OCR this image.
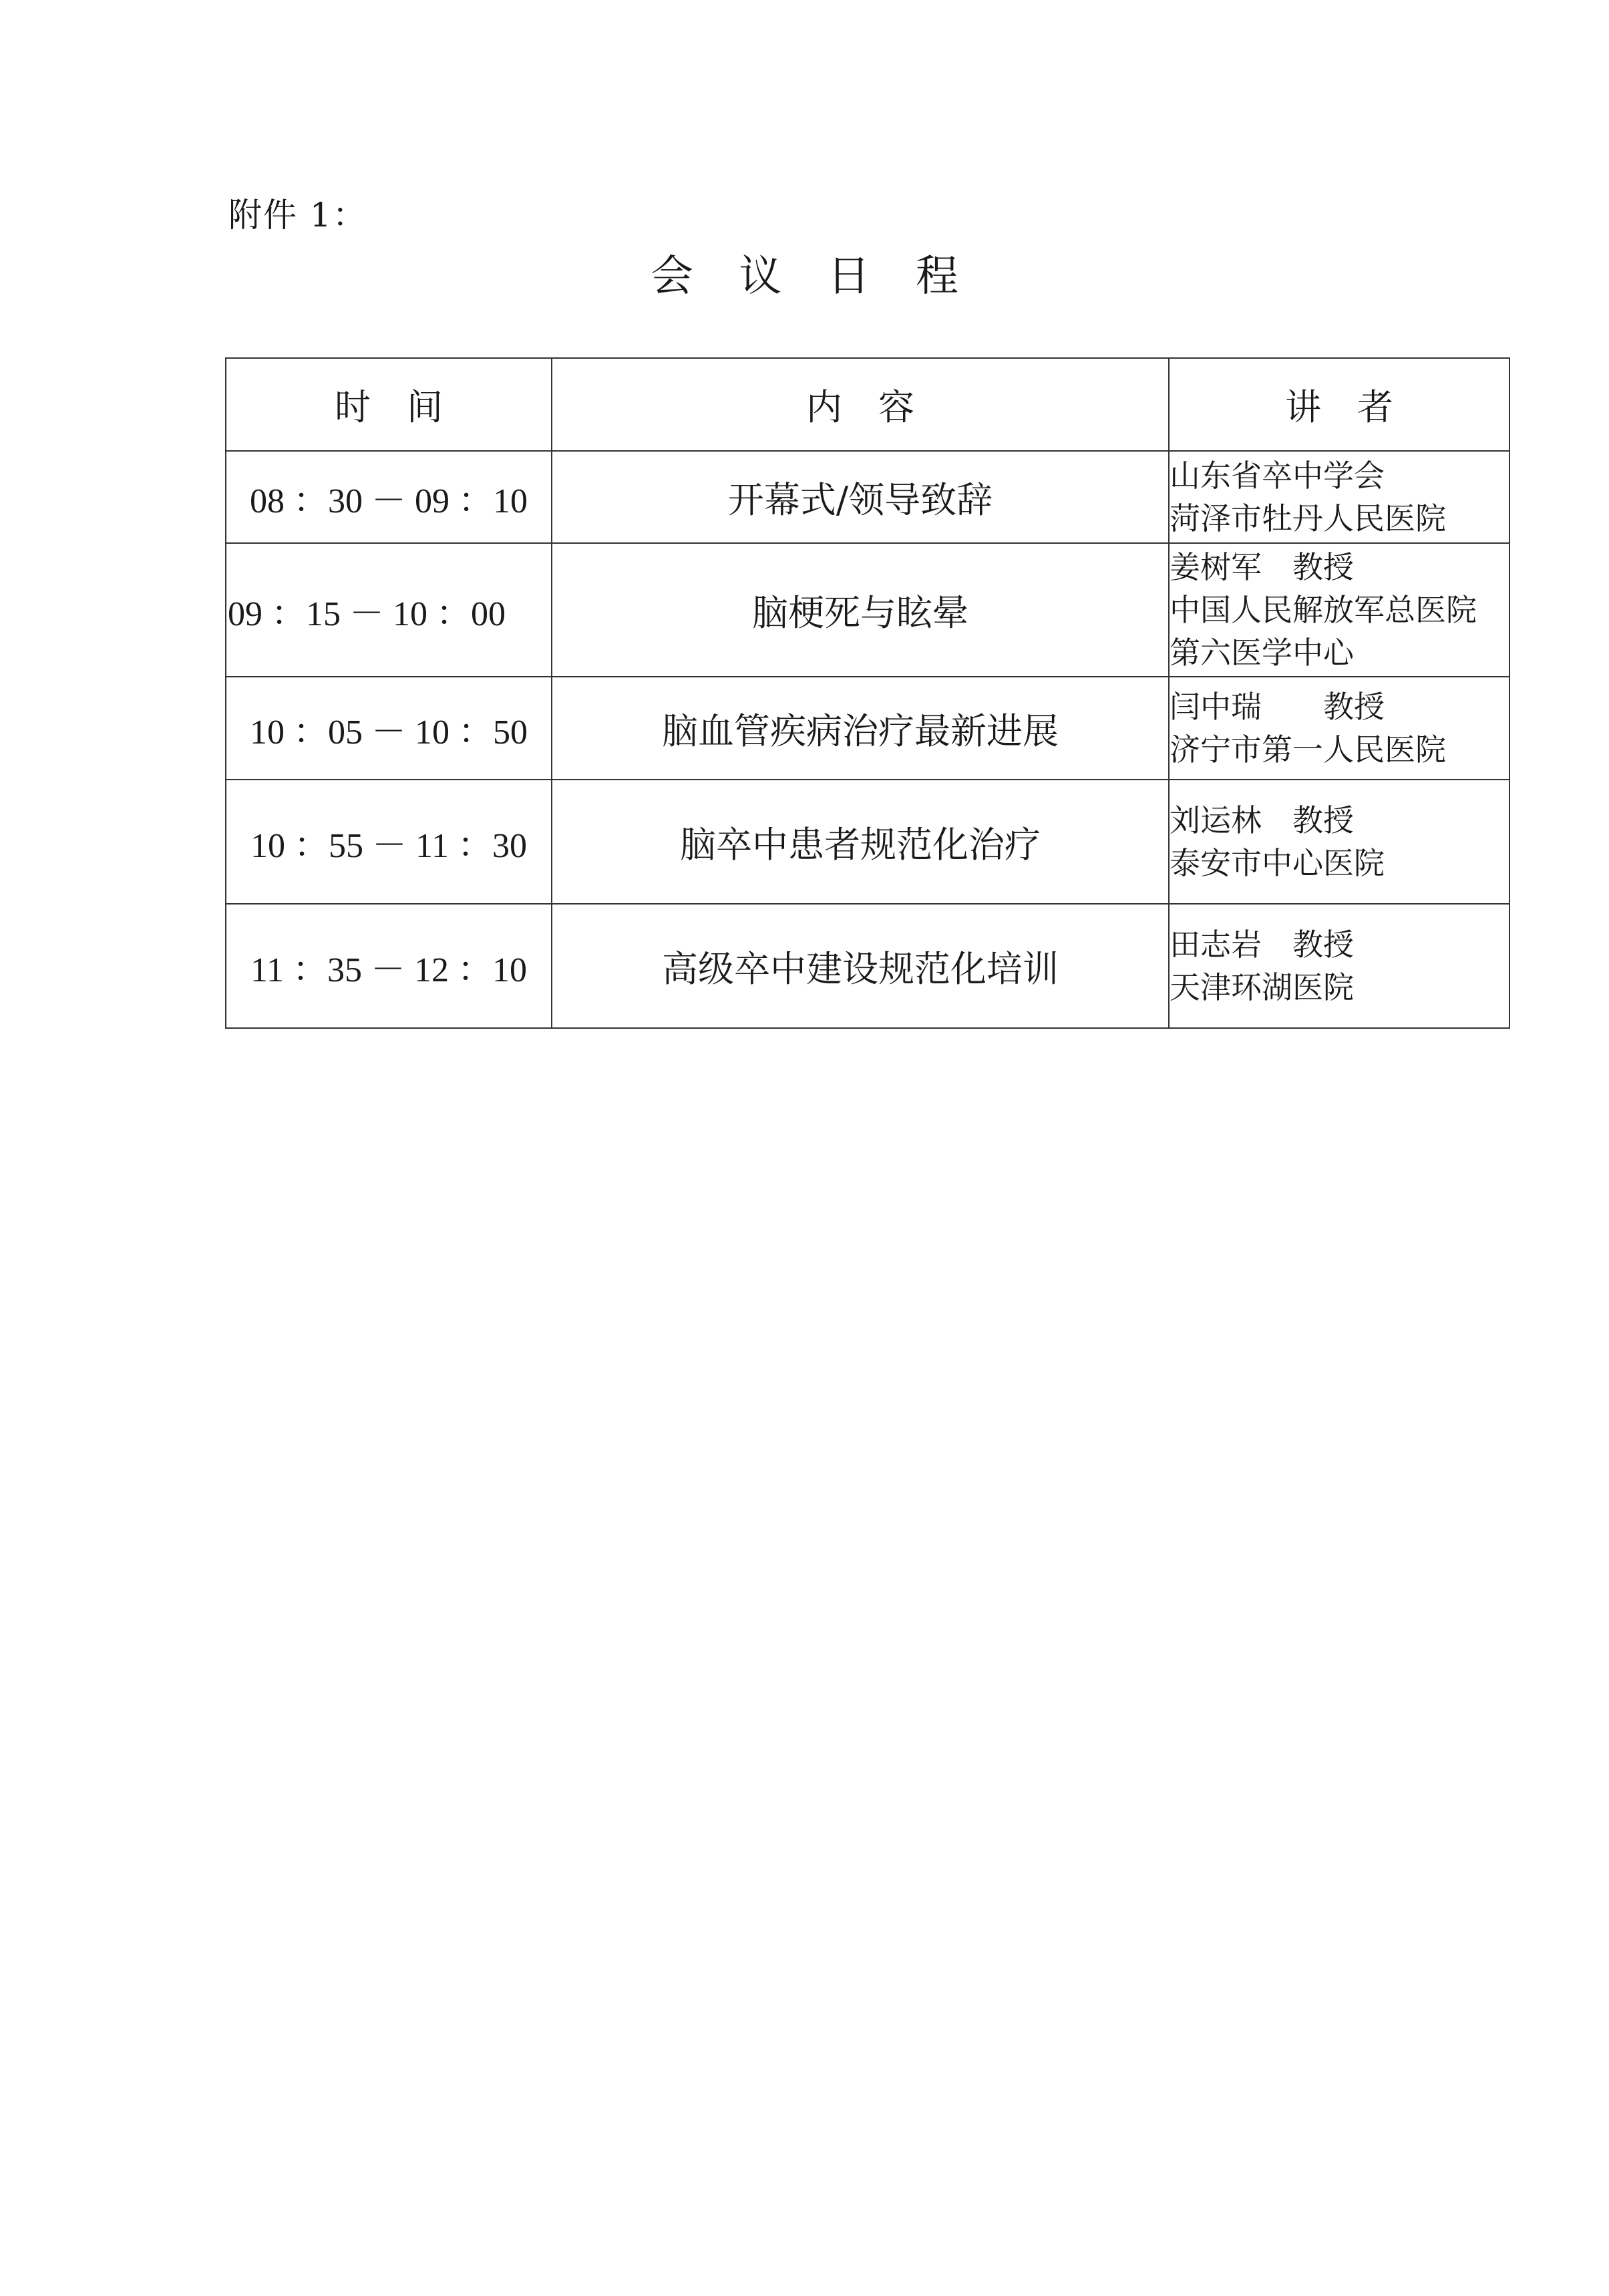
附件 1：
会 议 日 程
时　间	内　容	讲　者
08 ：30 － 09 ：10	开幕式/领导致辞	山东省卒中学会
菏泽市牡丹人民医院

09 ：15 － 10 ：00	脑梗死与眩晕	姜树军　教授
中国人民解放军总医院
第六医学中心

10 ：05 － 10 ：50	脑血管疾病治疗最新进展	闫中瑞　　教授
济宁市第一人民医院

10 ：55 － 11 ：30	脑卒中患者规范化治疗	刘运林　教授
泰安市中心医院

11 ：35 － 12 ：10	高级卒中建设规范化培训	田志岩　教授
天津环湖医院
